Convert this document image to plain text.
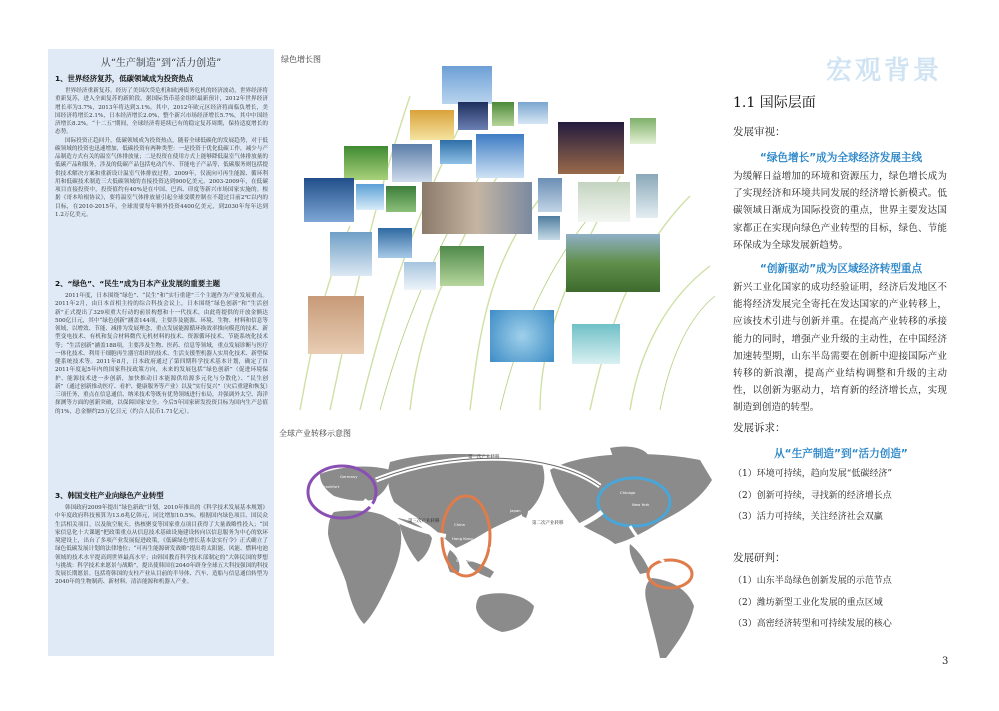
从“生产制造”到“活力创造”
1、世界经济复苏，低碳领域成为投资热点

世界经济重新复苏。经历了美国次贷危机和欧洲债务危机的经济波动，世界经济将重新复苏，进入全面复苏的新阶段。据国际货币基金组织最新预计，2012年世界经济增长率为3.7%，2013年将达到3.1%。其中，2012年欧元区经济将面临负增长，美国经济将增长2.1%，日本经济增长2.0%，整个新兴市场经济增长5.7%，其中中国经济增长8.2%。“十二五”期间，全球经济将延续已有的稳定复苏周期，保持适度增长的态势。

国际投资正趋回升，低碳领域成为投资热点，随着全球低碳化的发展趋势，对于低碳领域的投资也迅速增加，低碳投资有两种类型：一是投资于优化低碳工作，减少与产品制造方式有关的温室气体排放量；二是投资在使用方式上能够降低温室气体排放量的低碳产品和服务，涉及的低碳产品包括电动汽车、节能电子产品等，低碳服务则包括提供技术解决方案和重新设计温室气体排放过程。2009年，仅流向可再生能源、循环利用和低碳技术制造三大低碳领域的直接投资达到900亿美元。2003-2009年，在低碳项目直接投资中，投资值约有40%是在中国、巴西、印度等新兴市场国家实施的。根据《哥本哈根协议》，要将温室气体排放量引起全球变暖控制在不超过目前2℃以内的目标，在2010-2015年，全球需要每年额外投资4400亿美元，到2030年每年达到1.2万亿美元。

2、“绿色”、“民生”成为日本产业发展的重要主题

2011年度，日本围绕“绿色”、“民生”和“实行重建”三个主题作为产业发展重点。2011年2月，由日本首相主持的综合科技会议上，日本围绕“绿色创新”和“生活创新”正式提出了329项重大行动的前景构想和十一代技术，由此将提供的开放金额达500亿日元，其中“绿色创新”涵盖144项，主要涉及能源、环境、生物、材料和信息等领域，以增效、节能、减排为发展理念，重点发展能源循环换效率推向模范的技术、新型变电技术、有机和复合材料微代无机材料的技术、资源循环技术、节能系统化技术等；“生活创新”涵盖188项，主要涉及生物、医药、信息等领域，重点发展诊断与医疗一体化技术、利用干细胞再生器官组织的技术、生活支援型机器人实用化技术、新型保健系统技术等。2011年8月，日本政府通过了第四期科学技术基本计划，确定了自2011年度起5年内的国家科技政策方向，未来的发展包括“绿色创新”（促进环境保护、能源技术进一步创新，加快推动日本能源供给源多元化与分散化）、“民生创新”（通过创新推动医疗、看护、健康服务等产业）以及“实行复兴”（灾后重建和恢复）三项任务，重点在信息通信、纳米技术等既有优势领域进行布局，并强调外太空、海洋探测等方面的创新突破，以保障国家安全。今后5年国家研发投资目标为国内生产总值的1%，总金额约25万亿日元（约合人民币1.71亿元）。

3、韩国支柱产业向绿色产业转型

韩国政府2009年提出“绿色新政”计划，2010年推出的《科学技术发展基本规划》中年度政府科技预算为13.6兆亿韩元，同比增加10.5%。根据国内绿色项目、国民众生活相关项目，以及航空航天、热核聚变等国家重点项目获得了大量战略性投入；“国家信息化十大课题”把政策重点从信息技术基础设施建设转向以信息服务为中心的软环境建设上，出台了多项产业发展促进政策，《低碳绿色增长基本法实行令》正式确立了绿色低碳发展计划的法律地位；“可再生能源研发战略”提出将太阳能、风能、燃料电池领域的技术水平提高到世界最高水平；由韩国教育科学技术部制定的“大韩民国的梦想与挑战：科学技术来愿景与战略”，提出使韩国在2040年跻身全球五大科技强国的科技发展长期愿景。包括将韩国的支柱产业从目前的半导体、汽车、造船与信息通信转型为2040年的生物制药、新材料、清洁能源和机器人产业。

绿色增长图
全球产业转移示意图
第一次产业转移
第二次产业转移
第三次产业转移
Germany
Frankfurt
Mosaic
China
Hong Kong
Taipei
Singapore
Japan
Chicago
New York
South America
宏观背景
1.1 国际层面
发展审视：
“绿色增长”成为全球经济发展主线

为缓解日益增加的环境和资源压力，绿色增长成为了实现经济和环境共同发展的经济增长新模式。低碳领域日渐成为国际投资的重点，世界主要发达国家都正在实现向绿色产业转型的目标，绿色、节能环保成为全球发展新趋势。

“创新驱动”成为区域经济转型重点

新兴工业化国家的成功经验证明，经济后发地区不能将经济发展完全寄托在发达国家的产业转移上，应该技术引进与创新并重。在提高产业转移的承接能力的同时，增强产业升级的主动性，在中国经济加速转型期，山东半岛需要在创新中迎接国际产业转移的新浪潮，提高产业结构调整和升级的主动性，以创新为驱动力，培育新的经济增长点，实现制造到创造的转型。

发展诉求：
从“生产制造”到“活力创造”
（1）环境可持续，趋向发展“低碳经济”
（2）创新可持续，寻找新的经济增长点
（3）活力可持续，关注经济社会双赢
发展研判：
（1）山东半岛绿色创新发展的示范节点
（2）潍坊新型工业化发展的重点区域
（3）高密经济转型和可持续发展的核心
3
